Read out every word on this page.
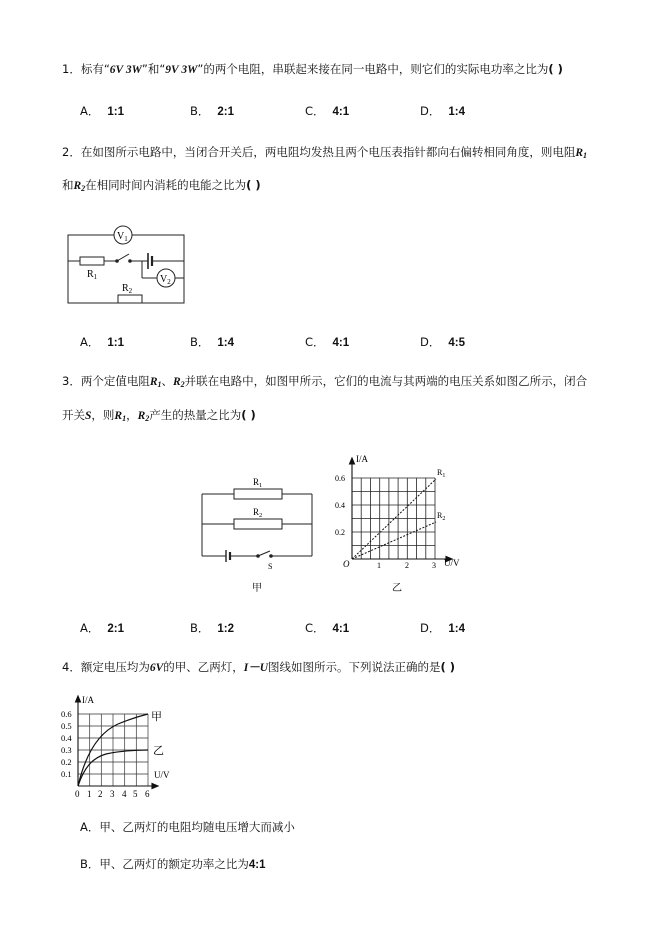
1．标有“6V 3W”和“9V 3W”的两个电阻，串联起来接在同一电路中，则它们的实际电功率之比为( )
A． 1:1	B． 2:1	C． 4:1	D． 1:4
2．在如图所示电路中，当闭合开关后，两电阻均发热且两个电压表指针都向右偏转相同角度，则电阻$R_1$
和$R_2$在相同时间内消耗的电能之比为( )
$V_1$
$V_2$
$R_1$
$R_2$
A． 1:1	B． 1:4	C． 4:1	D． 4:5
3．两个定值电阻$R_1$、$R_2$并联在电路中，如图甲所示，它们的电流与其两端的电压关系如图乙所示，闭合
开关S，则$R_1$，$R_2$产生的热量之比为( )
$R_1$
$R_2$
S
甲
I/A
U/V
O
0.6
0.4
0.2
1	2	3
$R_1$
$R_2$
乙
A． 2:1	B． 1:2	C． 4:1	D． 1:4
4．额定电压均为6V的甲、乙两灯，I－U图线如图所示。下列说法正确的是( )
I/A
U/V
0.6
0.5
0.4
0.3
0.2
0.1
0 1 2 3 4 5 6
甲
乙
A．甲、乙两灯的电阻均随电压增大而减小
B．甲、乙两灯的额定功率之比为4:1
